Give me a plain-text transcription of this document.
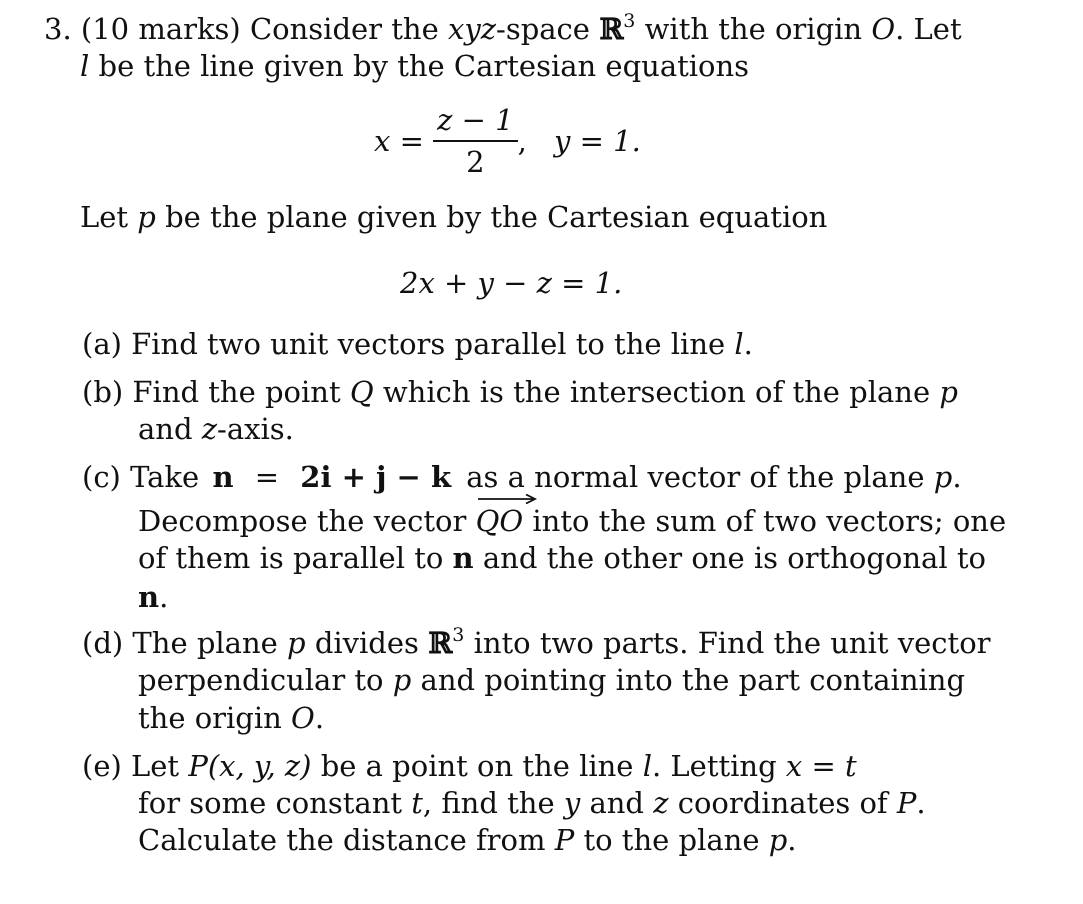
3. (10 marks) Consider the xyz-space ℝ$^3$ with the origin O. Let
l be the line given by the Cartesian equations
$x = \frac{z - 1}{2}$ , y = 1.
Let p be the plane given by the Cartesian equation
2x + y − z = 1.
(a) Find two unit vectors parallel to the line l.
(b) Find the point Q which is the intersection of the plane p
and z-axis.
(c) Take n = 2i + j − k as a normal vector of the plane p.
Decompose the vector QO into the sum of two vectors; one
of them is parallel to n and the other one is orthogonal to
n.
(d) The plane p divides ℝ$^3$ into two parts. Find the unit vector
perpendicular to p and pointing into the part containing
the origin O.
(e) Let P(x, y, z) be a point on the line l. Letting x = t
for some constant t, find the y and z coordinates of P.
Calculate the distance from P to the plane p.
